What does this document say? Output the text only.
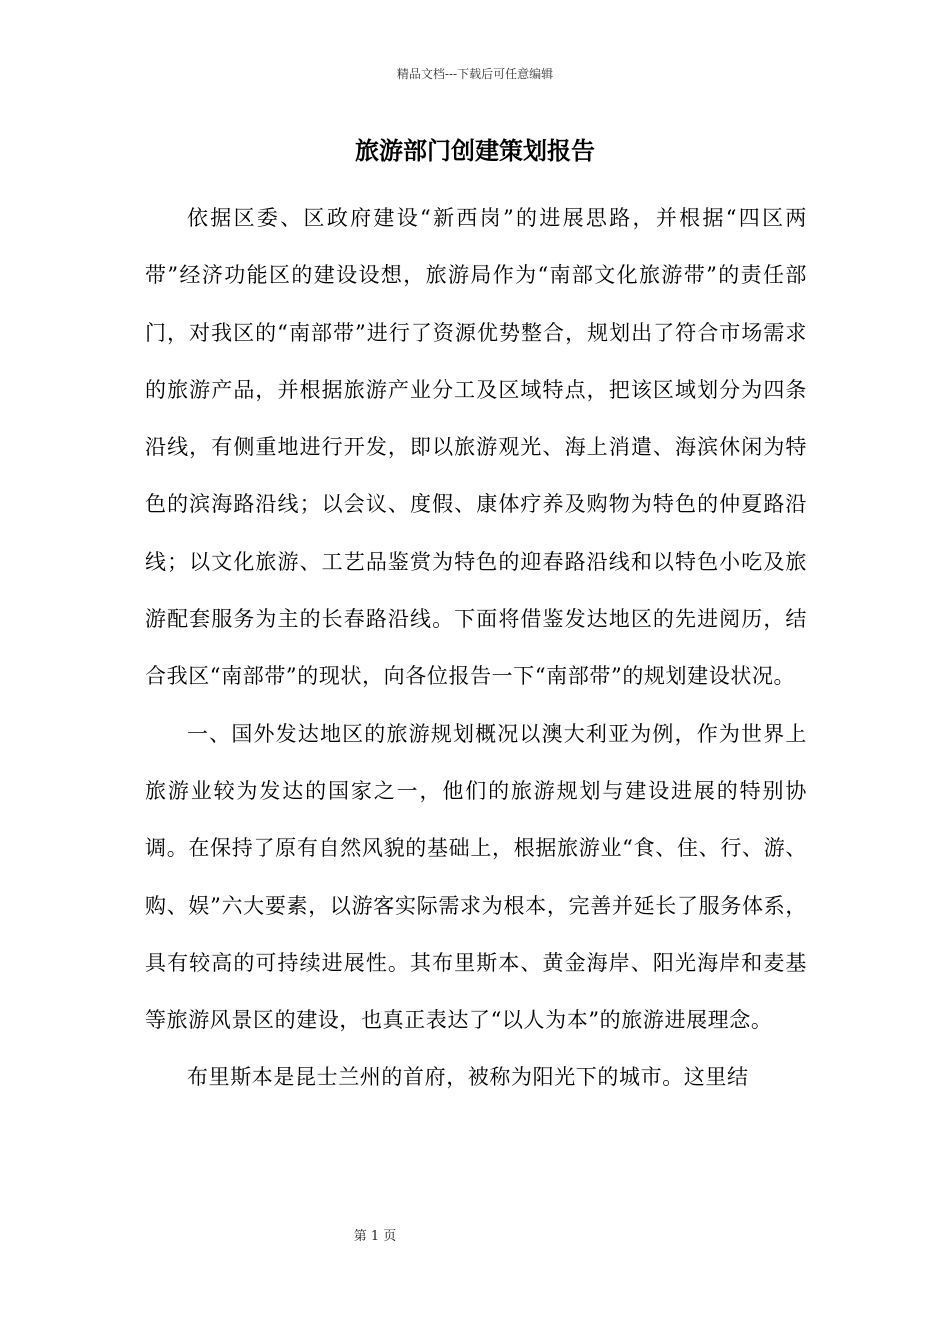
精品文档---下载后可任意编辑
旅游部门创建策划报告

依据区委、区政府建设“新西岗”的进展思路，并根据“四区两带”经济功能区的建设设想，旅游局作为“南部文化旅游带”的责任部门，对我区的“南部带”进行了资源优势整合，规划出了符合市场需求的旅游产品，并根据旅游产业分工及区域特点，把该区域划分为四条沿线，有侧重地进行开发，即以旅游观光、海上消遣、海滨休闲为特色的滨海路沿线；以会议、度假、康体疗养及购物为特色的仲夏路沿线；以文化旅游、工艺品鉴赏为特色的迎春路沿线和以特色小吃及旅游配套服务为主的长春路沿线。下面将借鉴发达地区的先进阅历，结合我区“南部带”的现状，向各位报告一下“南部带”的规划建设状况。

一、国外发达地区的旅游规划概况以澳大利亚为例，作为世界上旅游业较为发达的国家之一，他们的旅游规划与建设进展的特别协调。在保持了原有自然风貌的基础上，根据旅游业“食、住、行、游、购、娱”六大要素，以游客实际需求为根本，完善并延长了服务体系，具有较高的可持续进展性。其布里斯本、黄金海岸、阳光海岸和麦基等旅游风景区的建设，也真正表达了“以人为本”的旅游进展理念。

布里斯本是昆士兰州的首府，被称为阳光下的城市。这里结

第 1 页
